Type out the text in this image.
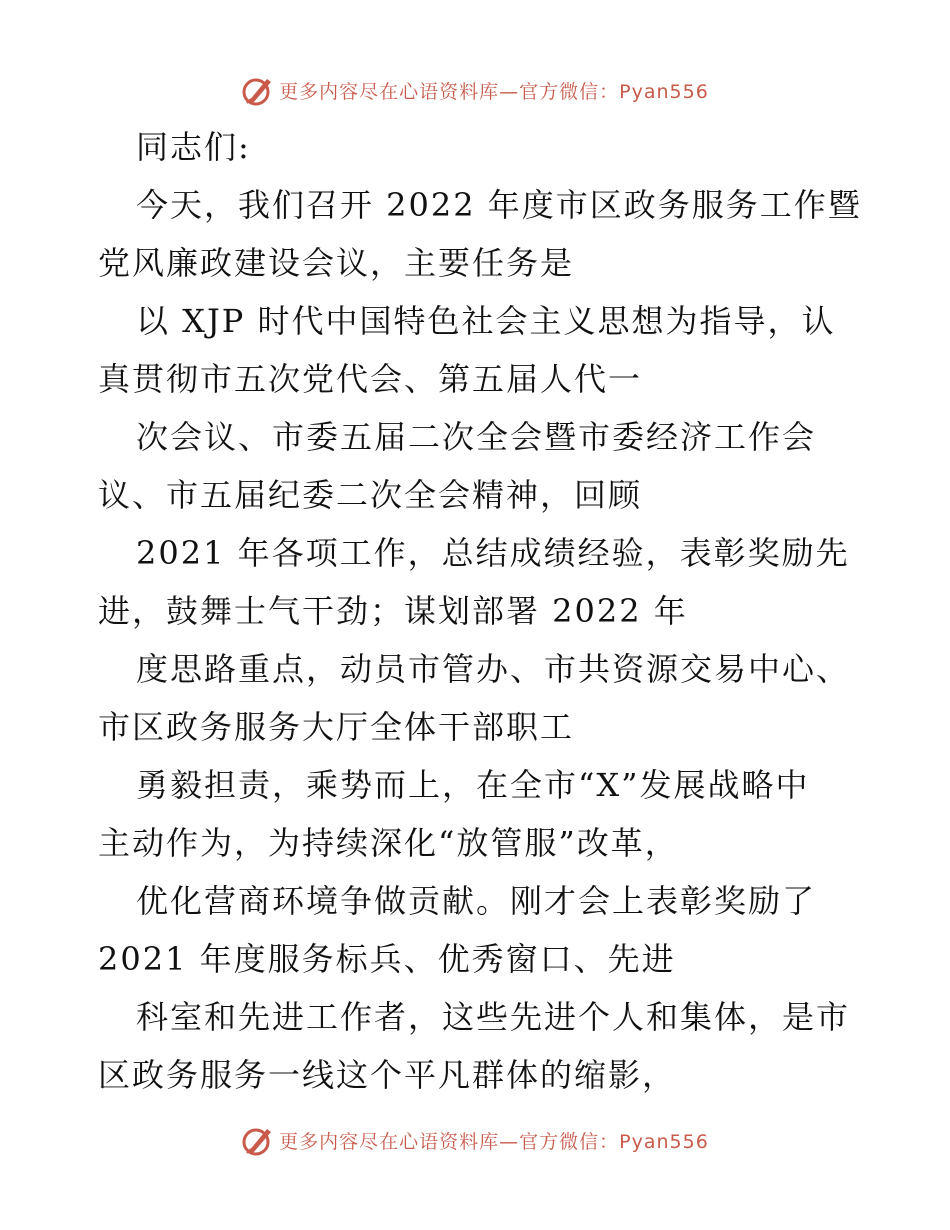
更多内容尽在心语资料库—官方微信：Pyan556

同志们:

今天，我们召开 2022 年度市区政务服务工作暨
党风廉政建设会议，主要任务是

以 XJP 时代中国特色社会主义思想为指导，认
真贯彻市五次党代会、第五届人代一

次会议、市委五届二次全会暨市委经济工作会
议、市五届纪委二次全会精神，回顾

2021 年各项工作，总结成绩经验，表彰奖励先
进，鼓舞士气干劲；谋划部署 2022 年

度思路重点，动员市管办、市共资源交易中心、
市区政务服务大厅全体干部职工

勇毅担责，乘势而上，在全市“X”发展战略中
主动作为，为持续深化“放管服”改革，

优化营商环境争做贡献。刚才会上表彰奖励了
2021 年度服务标兵、优秀窗口、先进

科室和先进工作者，这些先进个人和集体，是市
区政务服务一线这个平凡群体的缩影，

更多内容尽在心语资料库—官方微信：Pyan556
